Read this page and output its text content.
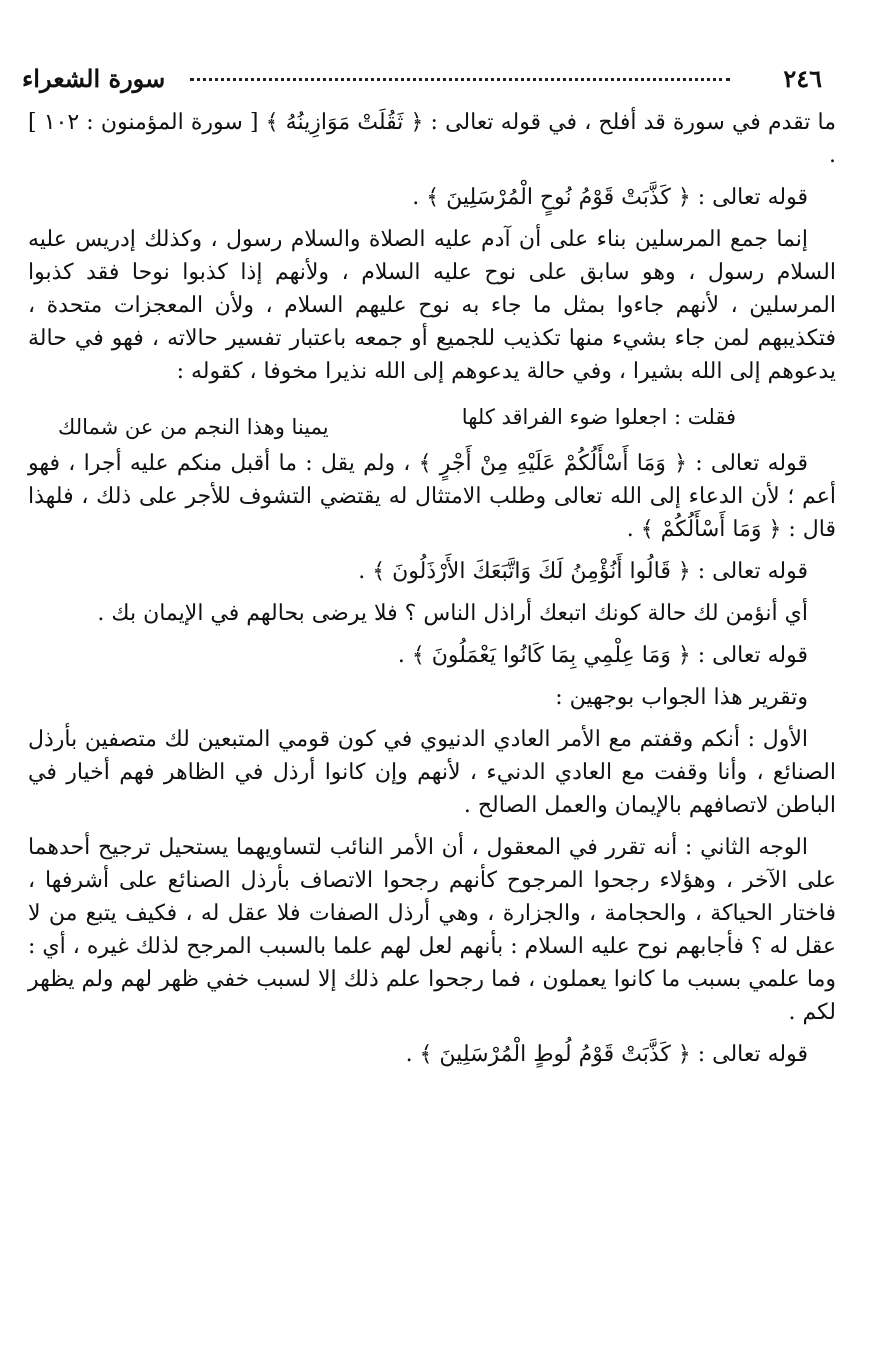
٢٤٦
سورة الشعراء

ما تقدم في سورة قد أفلح ، في قوله تعالى : ﴿ ثَقُلَتْ مَوَازِينُهُ ﴾ [ سورة المؤمنون : ١٠٢ ] .

قوله تعالى : ﴿ كَذَّبَتْ قَوْمُ نُوحٍ الْمُرْسَلِينَ ﴾ .

إنما جمع المرسلين بناء على أن آدم عليه الصلاة والسلام رسول ، وكذلك إدريس عليه السلام رسول ، وهو سابق على نوح عليه السلام ، ولأنهم إذا كذبوا نوحا فقد كذبوا المرسلين ، لأنهم جاءوا بمثل ما جاء به نوح عليهم السلام ، ولأن المعجزات متحدة ، فتكذيبهم لمن جاء بشيء منها تكذيب للجميع أو جمعه باعتبار تفسير حالاته ، فهو في حالة يدعوهم إلى الله بشيرا ، وفي حالة يدعوهم إلى الله نذيرا مخوفا ، كقوله :

فقلت : اجعلوا ضوء الفراقد كلها
يمينا وهذا النجم من عن شمالك

قوله تعالى : ﴿ وَمَا أَسْأَلُكُمْ عَلَيْهِ مِنْ أَجْرٍ ﴾ ، ولم يقل : ما أقبل منكم عليه أجرا ، فهو أعم ؛ لأن الدعاء إلى الله تعالى وطلب الامتثال له يقتضي التشوف للأجر على ذلك ، فلهذا قال : ﴿ وَمَا أَسْأَلُكُمْ ﴾ .

قوله تعالى : ﴿ قَالُوا أَنُؤْمِنُ لَكَ وَاتَّبَعَكَ الأَرْذَلُونَ ﴾ .

أي أنؤمن لك حالة كونك اتبعك أراذل الناس ؟ فلا يرضى بحالهم في الإيمان بك .

قوله تعالى : ﴿ وَمَا عِلْمِي بِمَا كَانُوا يَعْمَلُونَ ﴾ .

وتقرير هذا الجواب بوجهين :

الأول : أنكم وقفتم مع الأمر العادي الدنيوي في كون قومي المتبعين لك متصفين بأرذل الصنائع ، وأنا وقفت مع العادي الدنيء ، لأنهم وإن كانوا أرذل في الظاهر فهم أخيار في الباطن لاتصافهم بالإيمان والعمل الصالح .

الوجه الثاني : أنه تقرر في المعقول ، أن الأمر النائب لتساويهما يستحيل ترجيح أحدهما على الآخر ، وهؤلاء رجحوا المرجوح كأنهم رجحوا الاتصاف بأرذل الصنائع على أشرفها ، فاختار الحياكة ، والحجامة ، والجزارة ، وهي أرذل الصفات فلا عقل له ، فكيف يتبع من لا عقل له ؟ فأجابهم نوح عليه السلام : بأنهم لعل لهم علما بالسبب المرجح لذلك غيره ، أي : وما علمي بسبب ما كانوا يعملون ، فما رجحوا علم ذلك إلا لسبب خفي ظهر لهم ولم يظهر لكم .

قوله تعالى : ﴿ كَذَّبَتْ قَوْمُ لُوطٍ الْمُرْسَلِينَ ﴾ .
